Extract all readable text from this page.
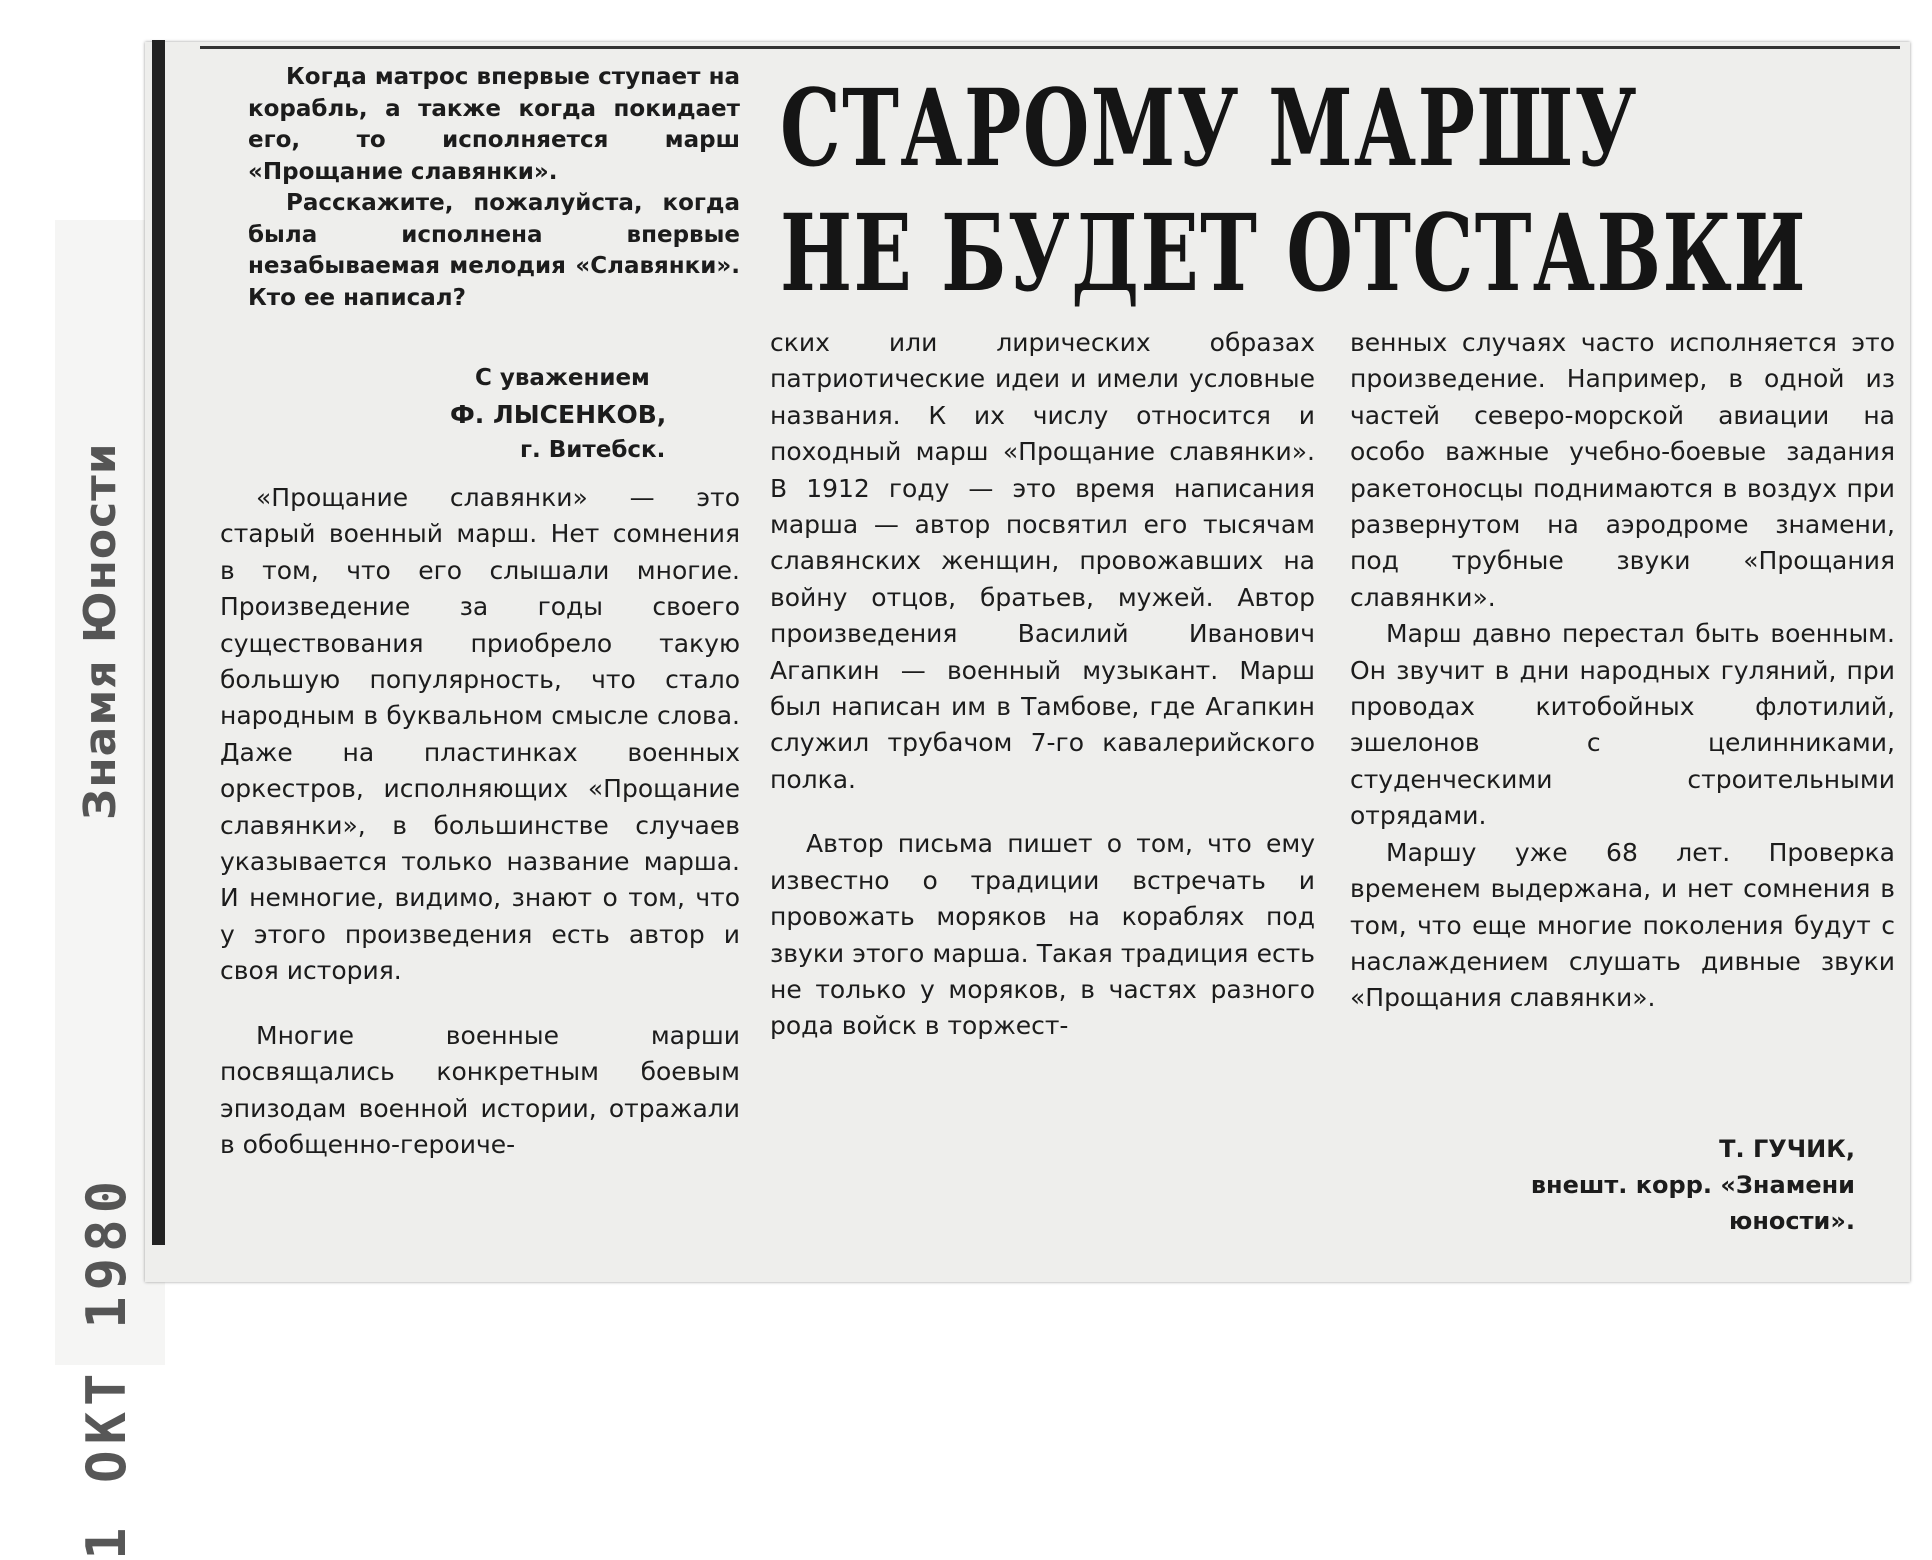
Знамя Юности
1 ОКТ 1980

Когда матрос впервые ступает на корабль, а также когда покидает его, то исполняется марш «Прощание славянки».

Расскажите, пожалуйста, когда была исполнена впервые незабываемая мелодия «Славянки». Кто ее написал?

С уважением
Ф. ЛЫСЕНКОВ,
г. Витебск.
СТАРОМУ МАРШУ
НЕ БУДЕТ ОТСТАВКИ

«Прощание славянки» — это старый военный марш. Нет сомнения в том, что его слышали многие. Произведение за годы своего существования приобрело такую большую популярность, что стало народным в буквальном смысле слова. Даже на пластинках военных оркестров, исполняющих «Прощание славянки», в большинстве случаев указывается только название марша. И немногие, видимо, знают о том, что у этого произведения есть автор и своя история.

Многие военные марши посвящались конкретным боевым эпизодам военной истории, отражали в обобщенно-героиче-

ских или лирических образах патриотические идеи и имели условные названия. К их числу относится и походный марш «Прощание славянки». В 1912 году — это время написания марша — автор посвятил его тысячам славянских женщин, провожавших на войну отцов, братьев, мужей. Автор произведения Василий Иванович Агапкин — военный музыкант. Марш был написан им в Тамбове, где Агапкин служил трубачом 7-го кавалерийского полка.

Автор письма пишет о том, что ему известно о традиции встречать и провожать моряков на кораблях под звуки этого марша. Такая традиция есть не только у моряков, в частях разного рода войск в торжест-

венных случаях часто исполняется это произведение. Например, в одной из частей северо-морской авиации на особо важные учебно-боевые задания ракетоносцы поднимаются в воздух при развернутом на аэродроме знамени, под трубные звуки «Прощания славянки».

Марш давно перестал быть военным. Он звучит в дни народных гуляний, при проводах китобойных флотилий, эшелонов с целинниками, студенческими строительными отрядами.

Маршу уже 68 лет. Проверка временем выдержана, и нет сомнения в том, что еще многие поколения будут с наслаждением слушать дивные звуки «Прощания славянки».

Т. ГУЧИК,
внешт. корр. «Знамени
юности».
